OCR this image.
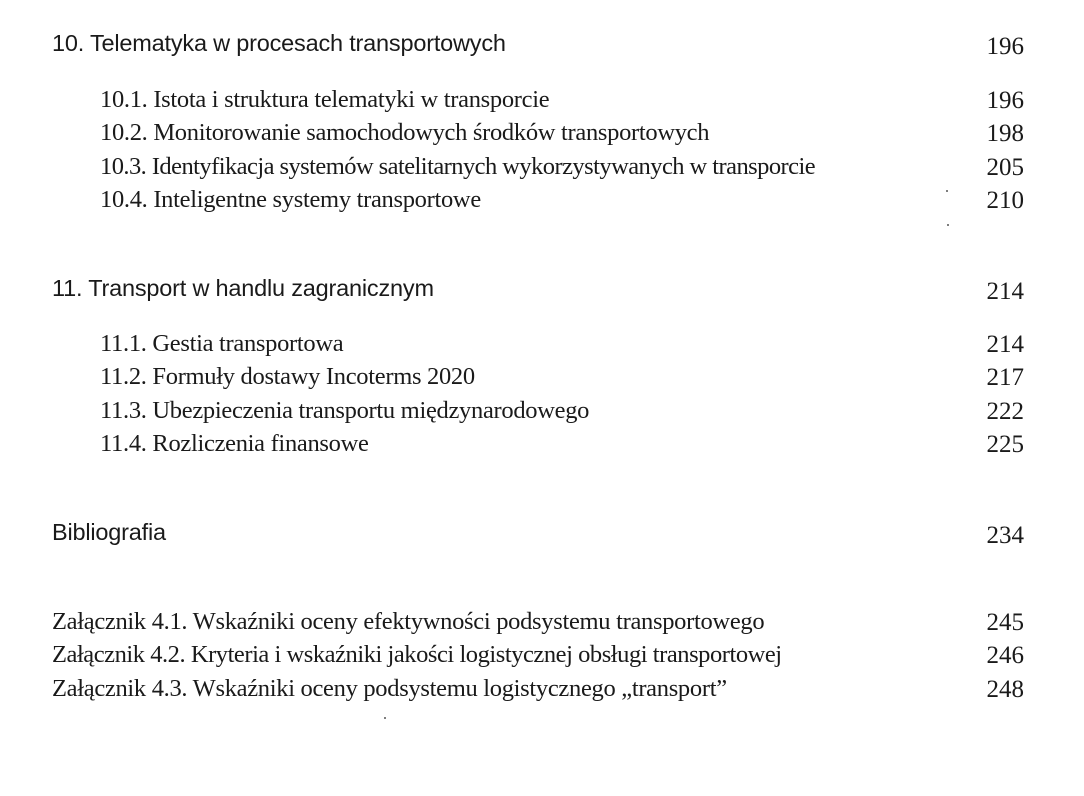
10. Telematyka w procesach transportowych	196
10.1. Istota i struktura telematyki w transporcie	196
10.2. Monitorowanie samochodowych środków transportowych	198
10.3. Identyfikacja systemów satelitarnych wykorzystywanych w transporcie	205
10.4. Inteligentne systemy transportowe	210
11. Transport w handlu zagranicznym	214
11.1. Gestia transportowa	214
11.2. Formuły dostawy Incoterms 2020	217
11.3. Ubezpieczenia transportu międzynarodowego	222
11.4. Rozliczenia finansowe	225
Bibliografia	234
Załącznik 4.1. Wskaźniki oceny efektywności podsystemu transportowego	245
Załącznik 4.2. Kryteria i wskaźniki jakości logistycznej obsługi transportowej	246
Załącznik 4.3. Wskaźniki oceny podsystemu logistycznego „transport”	248
